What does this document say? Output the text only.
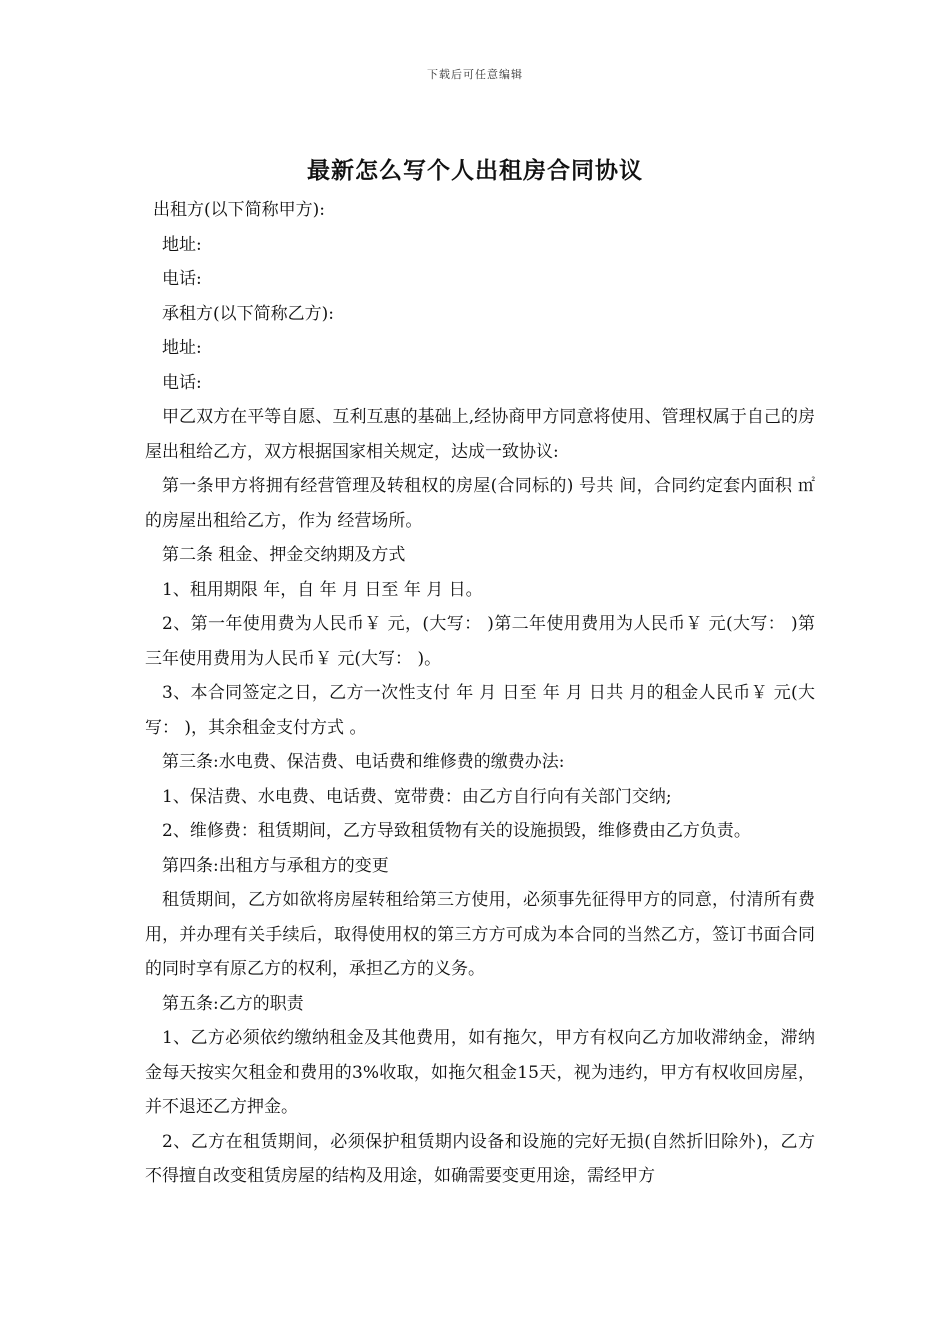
下载后可任意编辑
最新怎么写个人出租房合同协议

出租方(以下简称甲方):

地址:

电话:

承租方(以下简称乙方):

地址:

电话:

甲乙双方在平等自愿、互利互惠的基础上,经协商甲方同意将使用、管理权属于自己的房屋出租给乙方，双方根据国家相关规定，达成一致协议:

第一条甲方将拥有经营管理及转租权的房屋(合同标的) 号共 间，合同约定套内面积 ㎡的房屋出租给乙方，作为 经营场所。

第二条 租金、押金交纳期及方式

1、租用期限 年，自 年 月 日至 年 月 日。

2、第一年使用费为人民币￥ 元，(大写： )第二年使用费用为人民币￥ 元(大写： )第三年使用费用为人民币￥ 元(大写： )。

3、本合同签定之日，乙方一次性支付 年 月 日至 年 月 日共 月的租金人民币￥ 元(大写： )，其余租金支付方式 。

第三条:水电费、保洁费、电话费和维修费的缴费办法:

1、保洁费、水电费、电话费、宽带费：由乙方自行向有关部门交纳;

2、维修费：租赁期间，乙方导致租赁物有关的设施损毁，维修费由乙方负责。

第四条:出租方与承租方的变更

租赁期间，乙方如欲将房屋转租给第三方使用，必须事先征得甲方的同意，付清所有费用，并办理有关手续后，取得使用权的第三方方可成为本合同的当然乙方，签订书面合同的同时享有原乙方的权利，承担乙方的义务。

第五条:乙方的职责

1、乙方必须依约缴纳租金及其他费用，如有拖欠，甲方有权向乙方加收滞纳金，滞纳金每天按实欠租金和费用的3%收取，如拖欠租金15天，视为违约，甲方有权收回房屋，并不退还乙方押金。

2、乙方在租赁期间，必须保护租赁期内设备和设施的完好无损(自然折旧除外)，乙方不得擅自改变租赁房屋的结构及用途，如确需要变更用途，需经甲方
